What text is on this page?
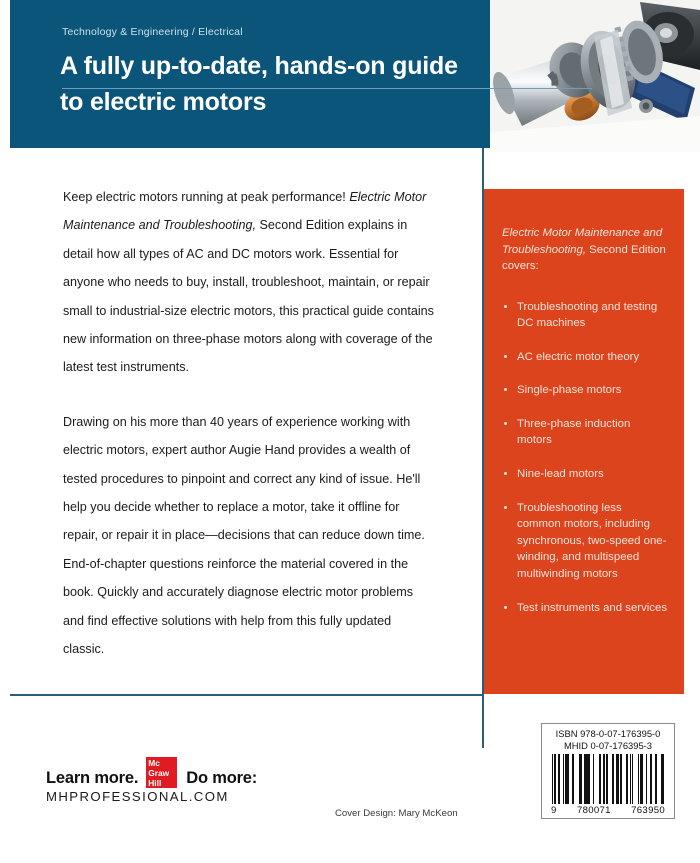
Technology & Engineering / Electrical
A fully up-to-date, hands-on guide
to electric motors

Keep electric motors running at peak performance! Electric Motor Maintenance and Troubleshooting, Second Edition explains in detail how all types of AC and DC motors work. Essential for anyone who needs to buy, install, troubleshoot, maintain, or repair small to industrial-size electric motors, this practical guide contains new information on three-phase motors along with coverage of the latest test instruments.

Drawing on his more than 40 years of experience working with electric motors, expert author Augie Hand provides a wealth of tested procedures to pinpoint and correct any kind of issue. He'll help you decide whether to replace a motor, take it offline for repair, or repair it in place—decisions that can reduce down time. End-of-chapter questions reinforce the material covered in the book. Quickly and accurately diagnose electric motor problems and find effective solutions with help from this fully updated classic.

Electric Motor Maintenance and Troubleshooting, Second Edition covers:

Troubleshooting and testing DC machines
AC electric motor theory
Single-phase motors
Three-phase induction motors
Nine-lead motors
Troubleshooting less common motors, including synchronous, two-speed one-winding, and multispeed multiwinding motors
Test instruments and services
Learn more.
Mc
Graw
Hill	Do more:
MHPROFESSIONAL.COM
Cover Design: Mary McKeon
ISBN 978-0-07-176395-0
MHID 0-07-176395-3
9 780071 763950
